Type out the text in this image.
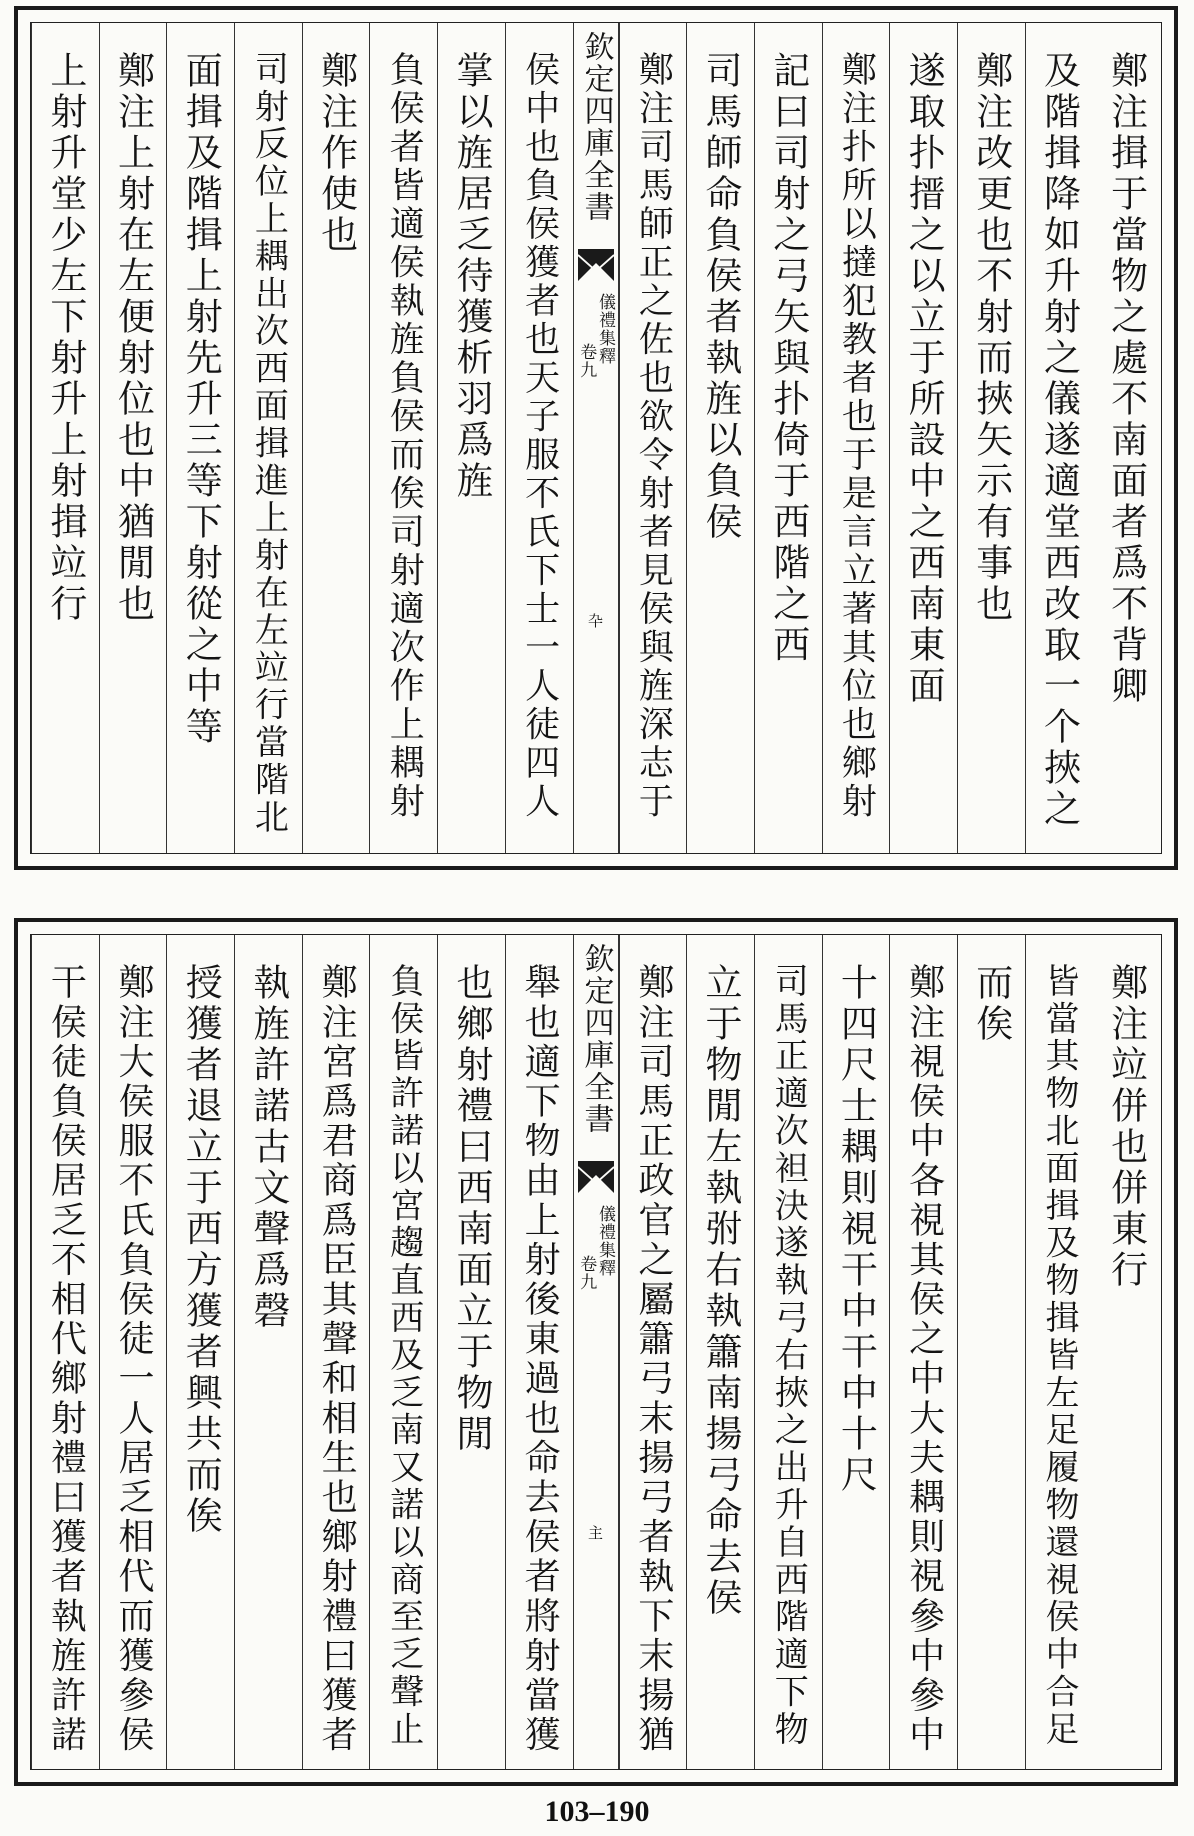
鄭注揖于當物之處不南面者爲不背卿
及階揖降如升射之儀遂適堂西改取一个挾之
鄭注改更也不射而挾矢示有事也
遂取扑搢之以立于所設中之西南東面
鄭注扑所以撻犯教者也于是言立著其位也鄉射
記曰司射之弓矢與扑倚于西階之西
司馬師命負侯者執旌以負侯
鄭注司馬師正之佐也欲令射者見侯與旌深志于
欽定四庫全書
儀禮集釋
卷九
卆
侯中也負侯獲者也天子服不氏下士一人徒四人
掌以旌居乏待獲析羽爲旌
負侯者皆適侯執旌負侯而俟司射適次作上耦射
鄭注作使也
司射反位上耦出次西面揖進上射在左竝行當階北
面揖及階揖上射先升三等下射從之中等
鄭注上射在左便射位也中猶閒也
上射升堂少左下射升上射揖竝行
鄭注竝併也併東行
皆當其物北面揖及物揖皆左足履物還視侯中合足
而俟
鄭注視侯中各視其侯之中大夫耦則視參中參中
十四尺士耦則視干中干中十尺
司馬正適次袒決遂執弓右挾之出升自西階適下物
立于物閒左執弣右執簫南揚弓命去侯
鄭注司馬正政官之屬簫弓末揚弓者執下末揚猶
欽定四庫全書
儀禮集釋
卷九
主
舉也適下物由上射後東過也命去侯者將射當獲
也鄉射禮曰西南面立于物閒
負侯皆許諾以宮趨直西及乏南又諾以商至乏聲止
鄭注宮爲君商爲臣其聲和相生也鄉射禮曰獲者
執旌許諾古文聲爲磬
授獲者退立于西方獲者興共而俟
鄭注大侯服不氏負侯徒一人居乏相代而獲參侯
干侯徒負侯居乏不相代鄉射禮曰獲者執旌許諾
103–190
